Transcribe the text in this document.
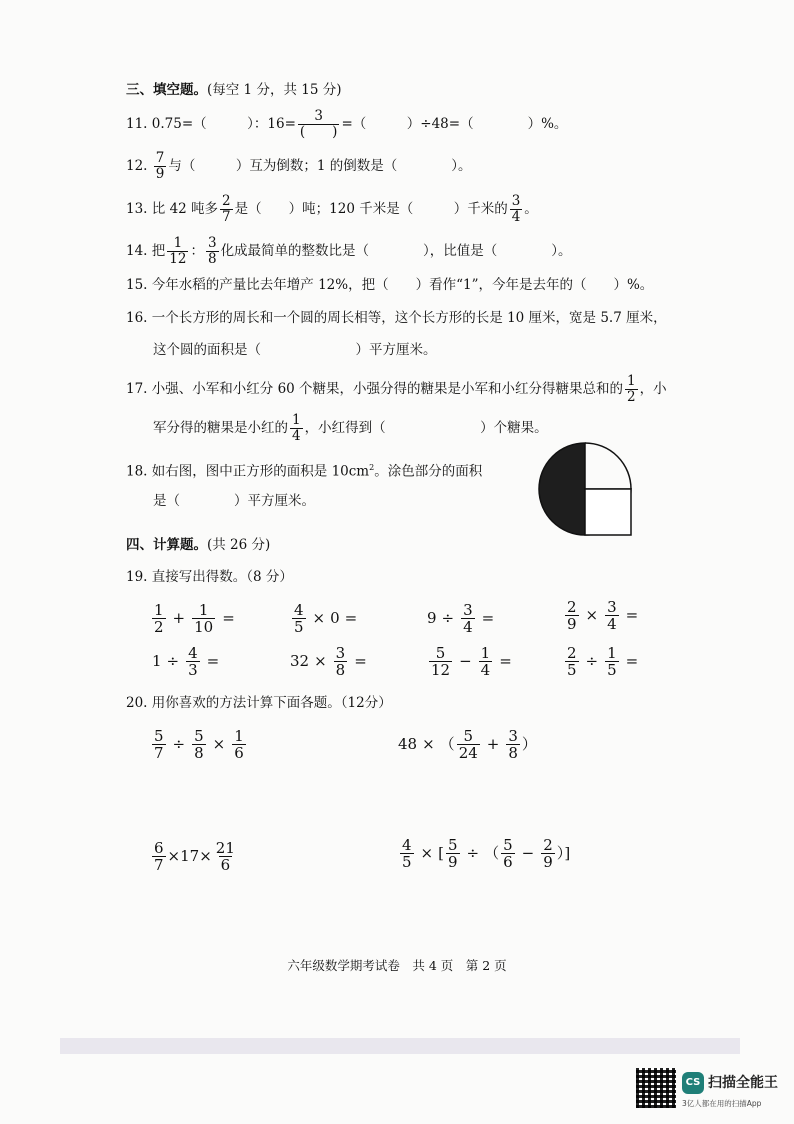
三、填空题。(每空 1 分，共 15 分)
11. 0.75=（　　　）：16= 3
(　　) =（　　　）÷48=（　　　　）%。
12. $\frac{7}{9}$ 与（　　　）互为倒数；1 的倒数是（　　　　）。
13. 比 42 吨多 $\frac{2}{7}$ 是（　　）吨；120 千米是（　　　）千米的 $\frac{3}{4}$ 。
14. 把 $\frac{1}{12}$ ： $\frac{3}{8}$ 化成最简单的整数比是（　　　　），比值是（　　　　）。
15. 今年水稻的产量比去年增产 12%，把（　　）看作“1”，今年是去年的（　　）%。
16. 一个长方形的周长和一个圆的周长相等，这个长方形的长是 10 厘米，宽是 5.7 厘米，
这个圆的面积是（　　　　　　　）平方厘米。
17. 小强、小军和小红分 60 个糖果，小强分得的糖果是小军和小红分得糖果总和的 $\frac{1}{2}$ ，小
军分得的糖果是小红的 $\frac{1}{4}$ ，小红得到（　　　　　　　）个糖果。
18. 如右图，图中正方形的面积是 $10cm^2$。涂色部分的面积
是（　　　　）平方厘米。
四、计算题。(共 26 分)
19. 直接写出得数。（8 分）
$\frac{1}{2} + \frac{1}{10}$ =	$\frac{4}{5} \times 0$ =	$9 \div \frac{3}{4}$ =	$\frac{2}{9} \times \frac{3}{4}$ =
$1 \div \frac{4}{3}$ =	$32 \times \frac{3}{8}$ =	$\frac{5}{12} - \frac{1}{4}$ =	$\frac{2}{5} \div \frac{1}{5}$ =
20. 用你喜欢的方法计算下面各题。（12分）
$\frac{5}{7} \div \frac{5}{8} \times \frac{1}{6}$	48 × （ $\frac{5}{24} + \frac{3}{8}$ ）
$\frac{6}{7} \times 17\times \frac{21}{6}$	$\frac{4}{5}$ × [ $\frac{5}{9}$ ÷ （ $\frac{5}{6} - \frac{2}{9}$ ）]
六年级数学期考试卷　共 4 页　第 2 页
CS 扫描全能王
3亿人都在用的扫描App
